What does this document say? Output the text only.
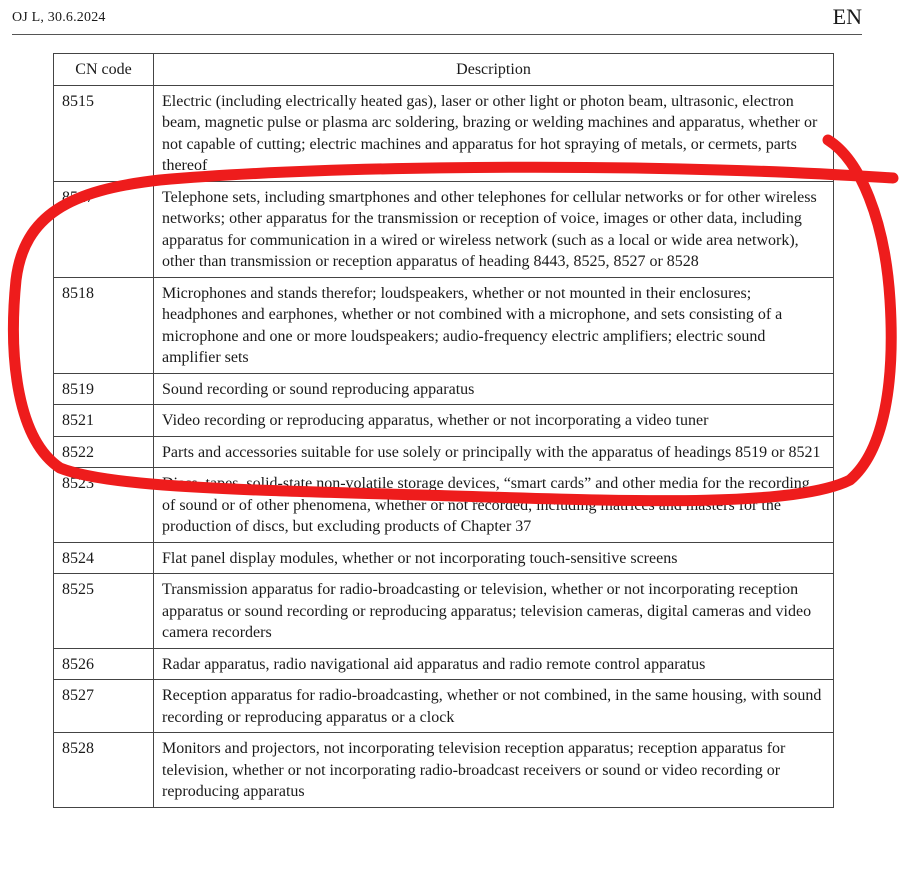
OJ L, 30.6.2024	EN
CN code	Description
8515	Electric (including electrically heated gas), laser or other light or photon beam, ultrasonic, electron beam, magnetic pulse or plasma arc soldering, brazing or welding machines and apparatus, whether or not capable of cutting; electric machines and apparatus for hot spraying of metals, or cermets, parts thereof
8517	Telephone sets, including smartphones and other telephones for cellular networks or for other wireless networks; other apparatus for the transmission or reception of voice, images or other data, including apparatus for communication in a wired or wireless network (such as a local or wide area network), other than transmission or reception apparatus of heading 8443, 8525, 8527 or 8528
8518	Microphones and stands therefor; loudspeakers, whether or not mounted in their enclosures; headphones and earphones, whether or not combined with a microphone, and sets consisting of a microphone and one or more loudspeakers; audio-frequency electric amplifiers; electric sound amplifier sets
8519	Sound recording or sound reproducing apparatus
8521	Video recording or reproducing apparatus, whether or not incorporating a video tuner
8522	Parts and accessories suitable for use solely or principally with the apparatus of headings 8519 or 8521
8523	Discs, tapes, solid-state non-volatile storage devices, “smart cards” and other media for the recording of sound or of other phenomena, whether or not recorded, including matrices and masters for the production of discs, but excluding products of Chapter 37
8524	Flat panel display modules, whether or not incorporating touch-sensitive screens
8525	Transmission apparatus for radio-broadcasting or television, whether or not incorporating reception apparatus or sound recording or reproducing apparatus; television cameras, digital cameras and video camera recorders
8526	Radar apparatus, radio navigational aid apparatus and radio remote control apparatus
8527	Reception apparatus for radio-broadcasting, whether or not combined, in the same housing, with sound recording or reproducing apparatus or a clock
8528	Monitors and projectors, not incorporating television reception apparatus; reception apparatus for television, whether or not incorporating radio-broadcast receivers or sound or video recording or reproducing apparatus
